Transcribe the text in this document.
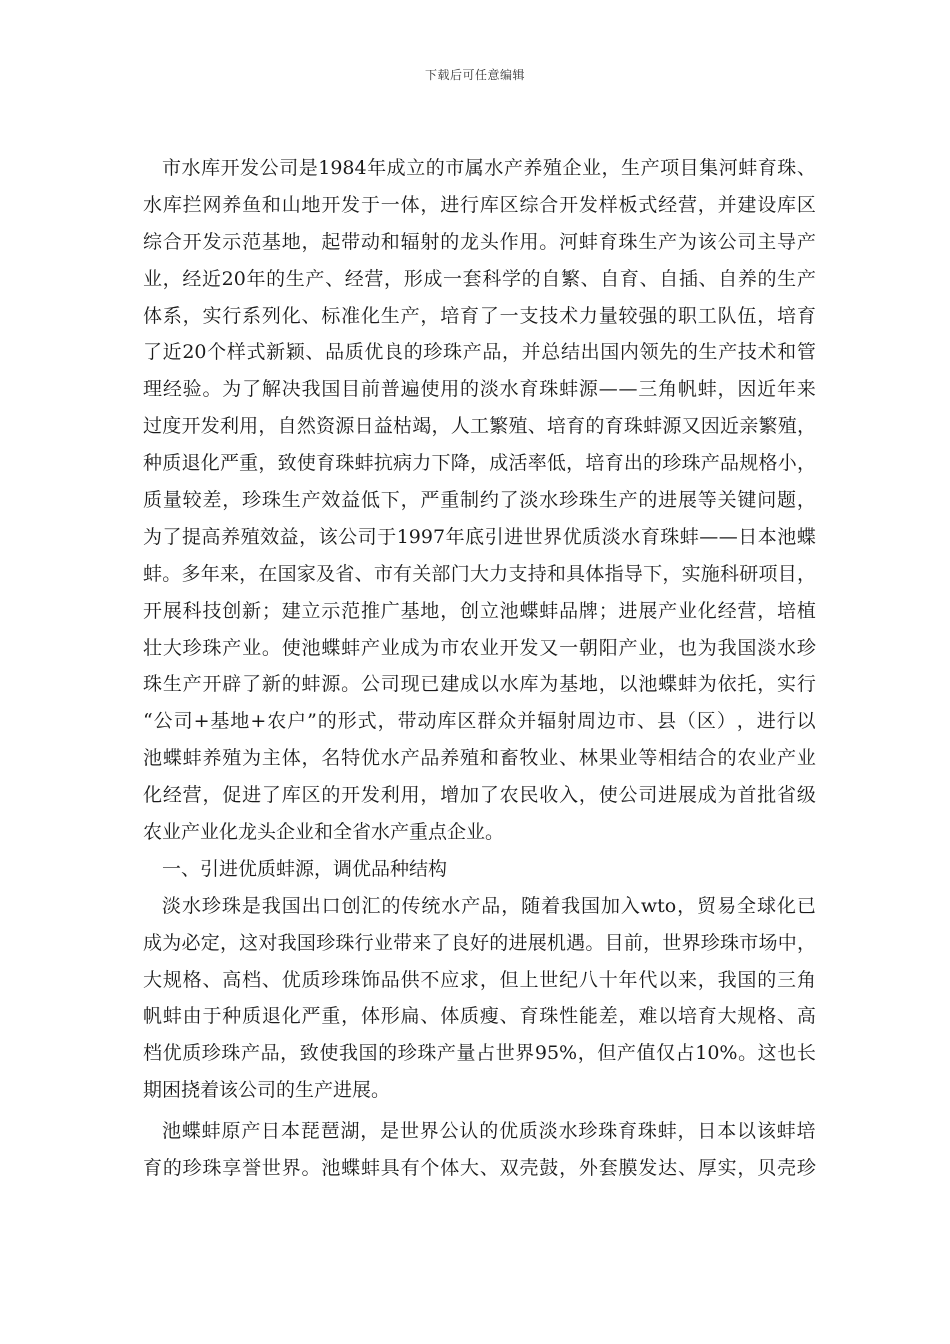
下载后可任意编辑
市 水 库 开 发 公 司 是 1984 年 成 立 的 市 属 水 产 养 殖 企 业 ， 生 产 项 目 集 河 蚌 育 珠 、
水 库 拦 网 养 鱼 和 山 地 开 发 于 一 体 ， 进 行 库 区 综 合 开 发 样 板 式 经 营 ， 并 建 设 库 区
综 合 开 发 示 范 基 地 ， 起 带 动 和 辐 射 的 龙 头 作 用 。 河 蚌 育 珠 生 产 为 该 公 司 主 导 产
业 ， 经 近 20 年 的 生 产 、 经 营 ， 形 成 一 套 科 学 的 自 繁 、 自 育 、 自 插 、 自 养 的 生 产
体 系 ， 实 行 系 列 化 、 标 准 化 生 产 ， 培 育 了 一 支 技 术 力 量 较 强 的 职 工 队 伍 ， 培 育
了 近 20 个 样 式 新 颖 、 品 质 优 良 的 珍 珠 产 品 ， 并 总 结 出 国 内 领 先 的 生 产 技 术 和 管
理 经 验 。 为 了 解 决 我 国 目 前 普 遍 使 用 的 淡 水 育 珠 蚌 源 — — 三 角 帆 蚌 ， 因 近 年 来
过 度 开 发 利 用 ， 自 然 资 源 日 益 枯 竭 ， 人 工 繁 殖 、 培 育 的 育 珠 蚌 源 又 因 近 亲 繁 殖 ，
种 质 退 化 严 重 ， 致 使 育 珠 蚌 抗 病 力 下 降 ， 成 活 率 低 ， 培 育 出 的 珍 珠 产 品 规 格 小 ，
质 量 较 差 ， 珍 珠 生 产 效 益 低 下 ， 严 重 制 约 了 淡 水 珍 珠 生 产 的 进 展 等 关 键 问 题 ，
为 了 提 高 养 殖 效 益 ， 该 公 司 于 1997 年 底 引 进 世 界 优 质 淡 水 育 珠 蚌 — — 日 本 池 蝶
蚌 。 多 年 来 ， 在 国 家 及 省 、 市 有 关 部 门 大 力 支 持 和 具 体 指 导 下 ， 实 施 科 研 项 目 ，
开 展 科 技 创 新 ； 建 立 示 范 推 广 基 地 ， 创 立 池 蝶 蚌 品 牌 ； 进 展 产 业 化 经 营 ， 培 植
壮 大 珍 珠 产 业 。 使 池 蝶 蚌 产 业 成 为 市 农 业 开 发 又 一 朝 阳 产 业 ， 也 为 我 国 淡 水 珍
珠 生 产 开 辟 了 新 的 蚌 源 。 公 司 现 已 建 成 以 水 库 为 基 地 ， 以 池 蝶 蚌 为 依 托 ， 实 行
“ 公 司 + 基 地 + 农 户 ” 的 形 式 ， 带 动 库 区 群 众 并 辐 射 周 边 市 、 县 （ 区 ） ， 进 行 以
池 蝶 蚌 养 殖 为 主 体 ， 名 特 优 水 产 品 养 殖 和 畜 牧 业 、 林 果 业 等 相 结 合 的 农 业 产 业
化 经 营 ， 促 进 了 库 区 的 开 发 利 用 ， 增 加 了 农 民 收 入 ， 使 公 司 进 展 成 为 首 批 省 级
农业产业化龙头企业和全省水产重点企业。
一、引进优质蚌源，调优品种结构
淡 水 珍 珠 是 我 国 出 口 创 汇 的 传 统 水 产 品 ， 随 着 我 国 加 入 wto ， 贸 易 全 球 化 已
成 为 必 定 ， 这 对 我 国 珍 珠 行 业 带 来 了 良 好 的 进 展 机 遇 。 目 前 ， 世 界 珍 珠 市 场 中 ，
大 规 格 、 高 档 、 优 质 珍 珠 饰 品 供 不 应 求 ， 但 上 世 纪 八 十 年 代 以 来 ， 我 国 的 三 角
帆 蚌 由 于 种 质 退 化 严 重 ， 体 形 扁 、 体 质 瘦 、 育 珠 性 能 差 ， 难 以 培 育 大 规 格 、 高
档 优 质 珍 珠 产 品 ， 致 使 我 国 的 珍 珠 产 量 占 世 界 95% ， 但 产 值 仅 占 10% 。 这 也 长
期困挠着该公司的生产进展。
池 蝶 蚌 原 产 日 本 琵 琶 湖 ， 是 世 界 公 认 的 优 质 淡 水 珍 珠 育 珠 蚌 ， 日 本 以 该 蚌 培
育 的 珍 珠 享 誉 世 界 。 池 蝶 蚌 具 有 个 体 大 、 双 壳 鼓 ， 外 套 膜 发 达 、 厚 实 ， 贝 壳 珍
